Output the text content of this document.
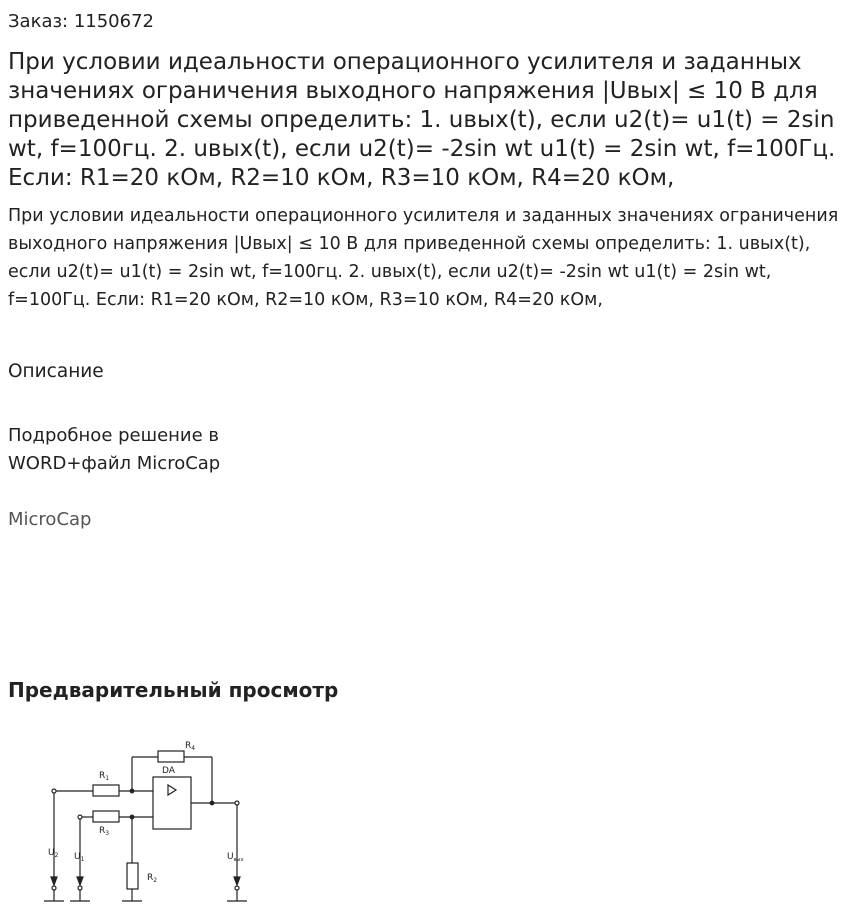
Заказ: 1150672
При условии идеальности операционного усилителя и заданных значениях ограничения выходного напряжения |Uвых| ≤ 10 В для приведенной схемы определить: 1. uвых(t), если u2(t)= u1(t) = 2sin wt, f=100гц. 2. uвых(t), если u2(t)= -2sin wt u1(t) = 2sin wt, f=100Гц. Если: R1=20 кОм, R2=10 кОм, R3=10 кОм, R4=20 кОм,
При условии идеальности операционного усилителя и заданных значениях ограничения выходного напряжения |Uвых| ≤ 10 В для приведенной схемы определить: 1. uвых(t), если u2(t)= u1(t) = 2sin wt, f=100гц. 2. uвых(t), если u2(t)= -2sin wt u1(t) = 2sin wt, f=100Гц. Если: R1=20 кОм, R2=10 кОм, R3=10 кОм, R4=20 кОм,
Описание
Подробное решение в WORD+файл MicroCap
MicroCap
Предварительный просмотр
$R_4$
$R_1$
$R_3$
$R_2$
DA
$U_2$ $U_1$	$U_{вых}$
